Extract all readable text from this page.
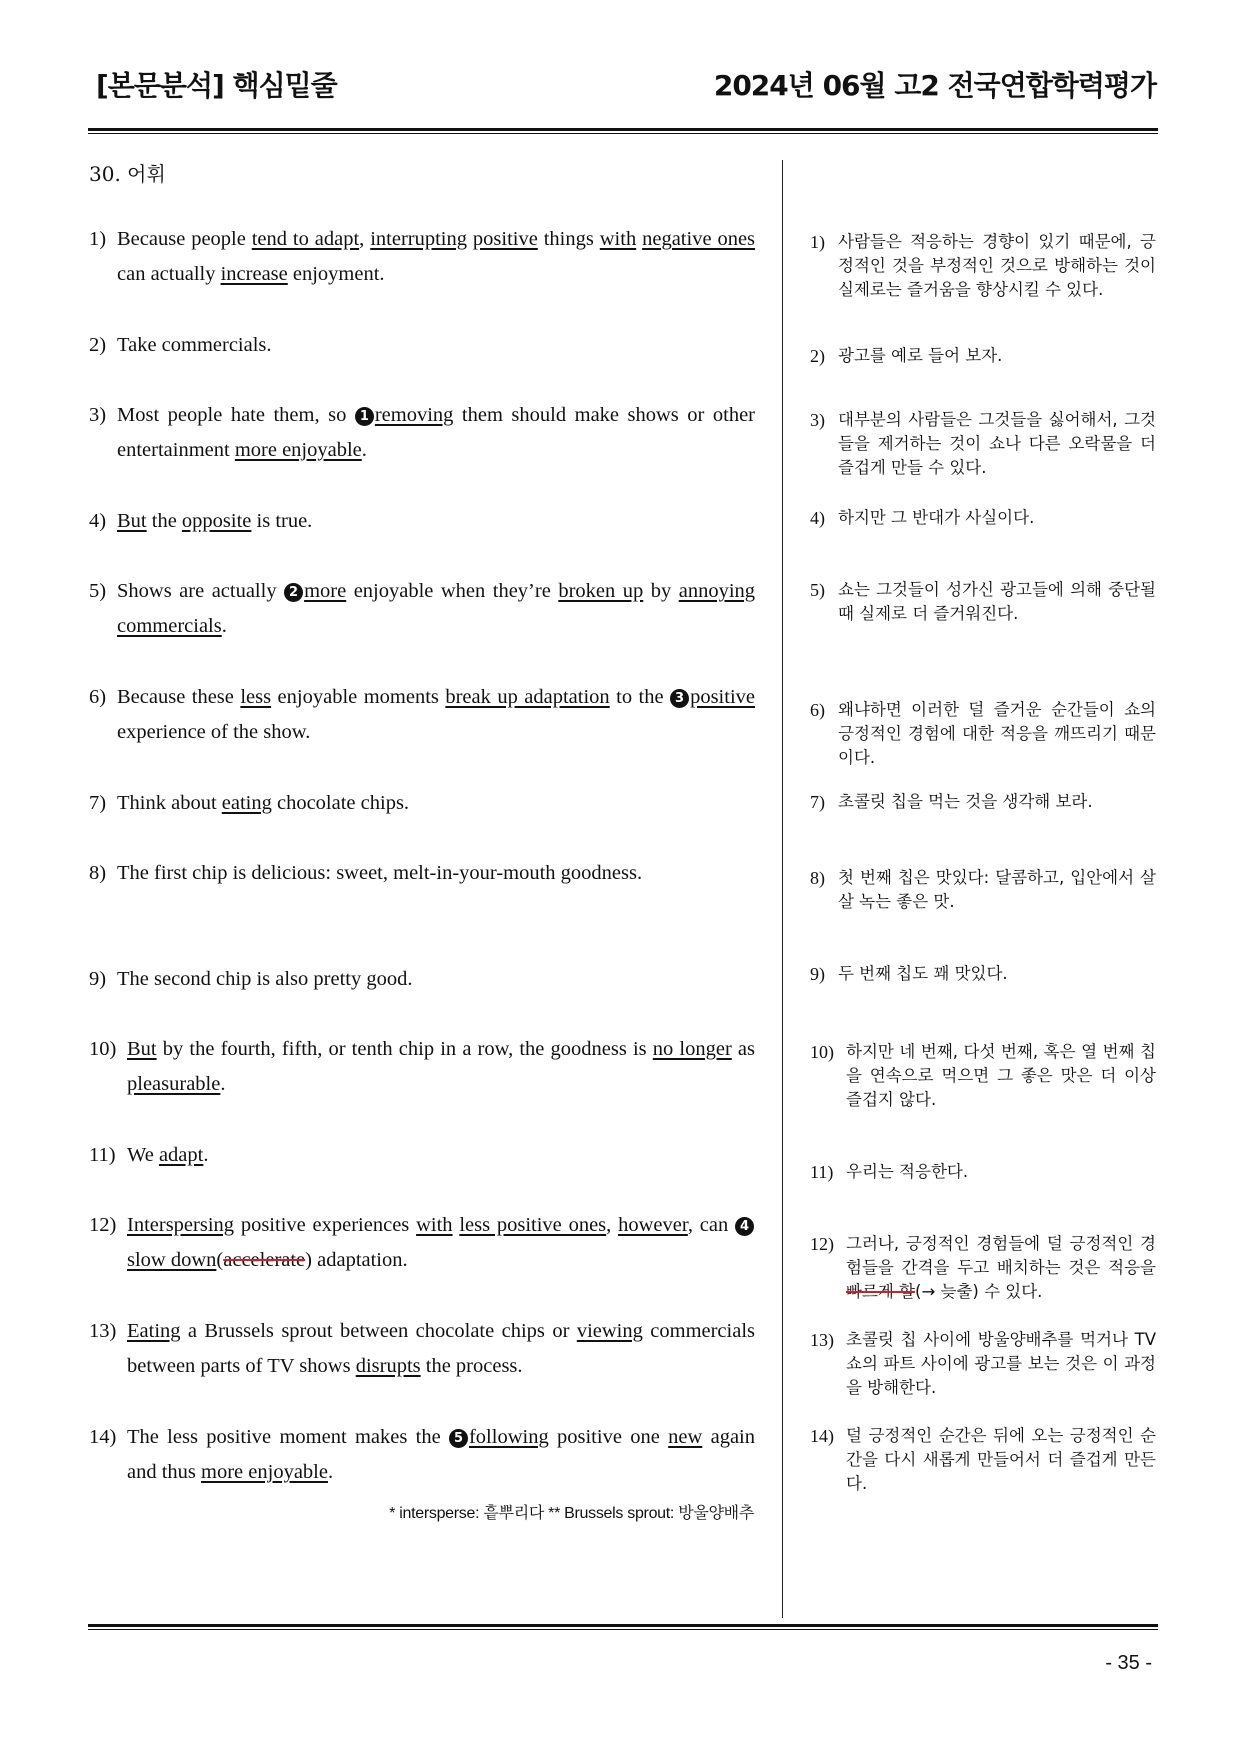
[본문분석] 핵심밑줄	2024년 06월 고2 전국연합학력평가
30. 어휘
1) Because people tend to adapt, interrupting positive things with negative ones can actually increase enjoyment.
2) Take commercials.
3) Most people hate them, so 1 removing them should make shows or other entertainment more enjoyable.
4) But the opposite is true.
5) Shows are actually 2 more enjoyable when they’re broken up by annoying commercials.
6) Because these less enjoyable moments break up adaptation to the 3 positive experience of the show.
7) Think about eating chocolate chips.
8) The first chip is delicious: sweet, melt-in-your-mouth goodness.
9) The second chip is also pretty good.
10) But by the fourth, fifth, or tenth chip in a row, the goodness is no longer as pleasurable.
11) We adapt.
12) Interspersing positive experiences with less positive ones, however, can 4slow down(accelerate) adaptation.
13) Eating a Brussels sprout between chocolate chips or viewing commercials between parts of TV shows disrupts the process.
14) The less positive moment makes the 5 following positive one new again and thus more enjoyable.
* intersperse: 흩뿌리다 ** Brussels sprout: 방울양배추
1) 사람들은 적응하는 경향이 있기 때문에, 긍정적인 것을 부정적인 것으로 방해하는 것이 실제로는 즐거움을 향상시킬 수 있다.
2) 광고를 예로 들어 보자.
3) 대부분의 사람들은 그것들을 싫어해서, 그것들을 제거하는 것이 쇼나 다른 오락물을 더 즐겁게 만들 수 있다.
4) 하지만 그 반대가 사실이다.
5) 쇼는 그것들이 성가신 광고들에 의해 중단될 때 실제로 더 즐거워진다.
6) 왜냐하면 이러한 덜 즐거운 순간들이 쇼의 긍정적인 경험에 대한 적응을 깨뜨리기 때문이다.
7) 초콜릿 칩을 먹는 것을 생각해 보라.
8) 첫 번째 칩은 맛있다: 달콤하고, 입안에서 살살 녹는 좋은 맛.
9) 두 번째 칩도 꽤 맛있다.
10) 하지만 네 번째, 다섯 번째, 혹은 열 번째 칩을 연속으로 먹으면 그 좋은 맛은 더 이상 즐겁지 않다.
11) 우리는 적응한다.
12) 그러나, 긍정적인 경험들에 덜 긍정적인 경험들을 간격을 두고 배치하는 것은 적응을 빠르게 할(→ 늦출) 수 있다.
13) 초콜릿 칩 사이에 방울양배추를 먹거나 TV 쇼의 파트 사이에 광고를 보는 것은 이 과정을 방해한다.
14) 덜 긍정적인 순간은 뒤에 오는 긍정적인 순간을 다시 새롭게 만들어서 더 즐겁게 만든다.
- 35 -
